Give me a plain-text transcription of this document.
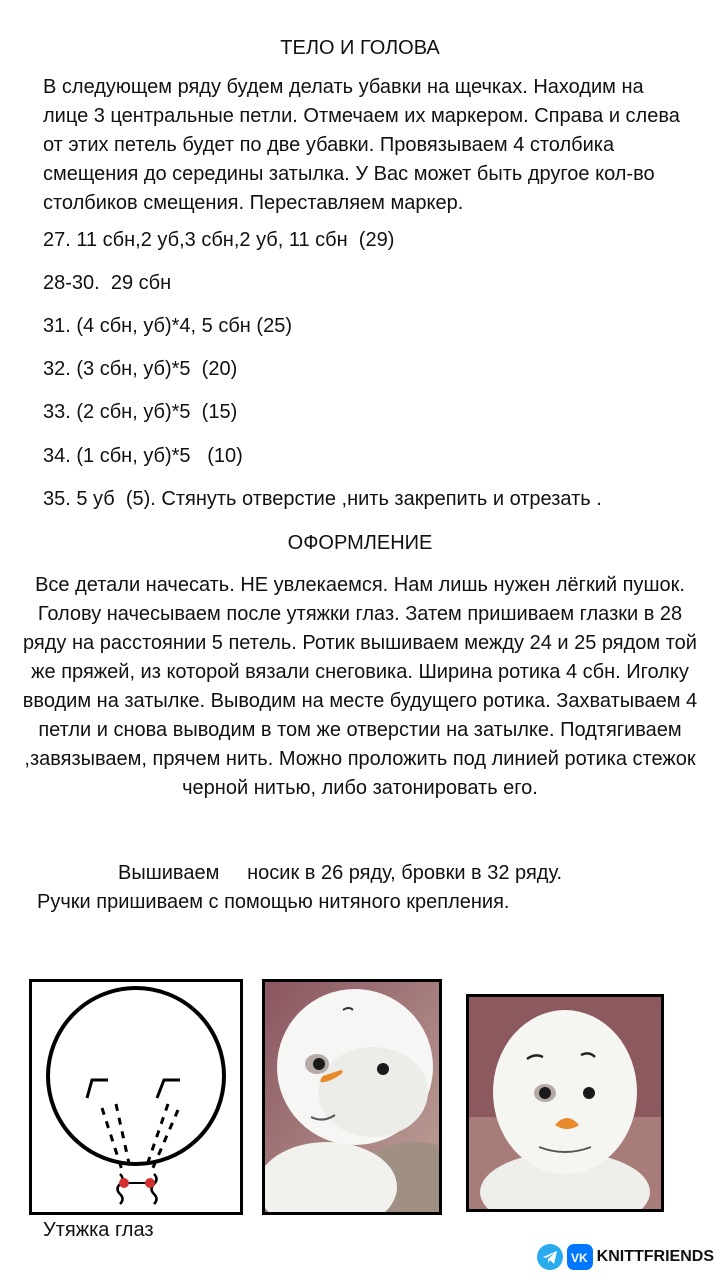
ТЕЛО И ГОЛОВА
В следующем ряду будем делать убавки на щечках. Находим на лице 3 центральные петли. Отмечаем их маркером. Справа и слева от этих петель будет по две убавки. Провязываем 4 столбика смещения до середины затылка. У Вас может быть другое кол-во столбиков смещения. Переставляем маркер.
27. 11 сбн,2 уб,3 сбн,2 уб, 11 сбн  (29)
28-30.  29 сбн
31. (4 сбн, уб)*4, 5 сбн (25)
32. (3 сбн, уб)*5  (20)
33. (2 сбн, уб)*5  (15)
34. (1 сбн, уб)*5   (10)
35. 5 уб  (5). Стянуть отверстие ,нить закрепить и отрезать .
ОФОРМЛЕНИЕ
Все детали начесать. НЕ увлекаемся. Нам лишь нужен лёгкий пушок. Голову начесываем после утяжки глаз. Затем пришиваем глазки в 28 ряду на расстоянии 5 петель. Ротик вышиваем между 24 и 25 рядом той же пряжей, из которой вязали снеговика. Ширина ротика 4 сбн. Иголку вводим на затылке. Выводим на месте будущего ротика. Захватываем 4 петли и снова выводим в том же отверстии на затылке. Подтягиваем ,завязываем, прячем нить. Можно проложить под линией ротика стежок черной нитью, либо затонировать его.
Вышиваем     носик в 26 ряду, бровки в 32 ряду.
Ручки пришиваем с помощью нитяного крепления.
Утяжка глаз
VK KNITTFRIENDS
